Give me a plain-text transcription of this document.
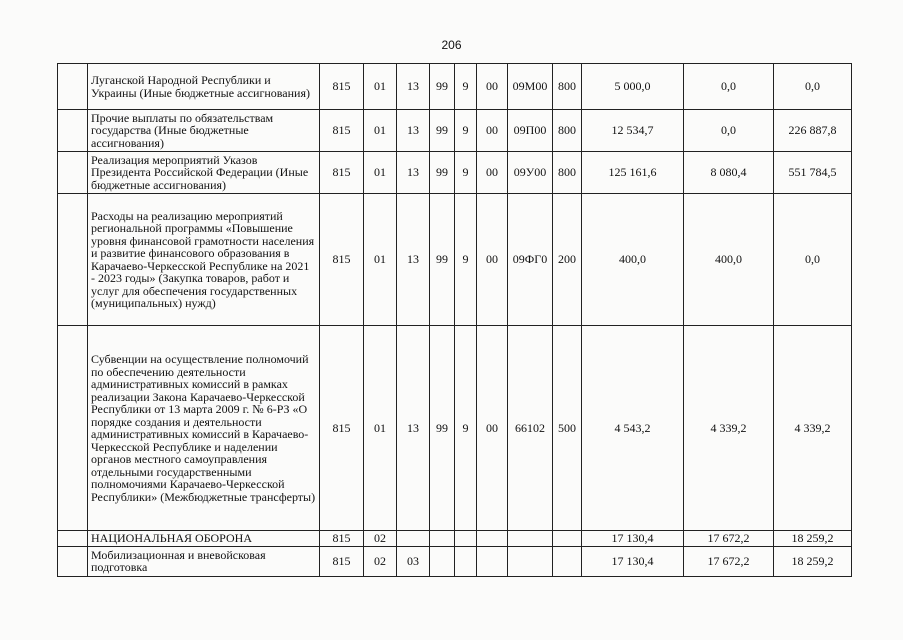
206
	Луганской Народной Республики и Украины (Иные бюджетные ассигнования)	815	01	13	99	9	00	09М00	800	5 000,0	0,0	0,0
	Прочие выплаты по обязательствам государства (Иные бюджетные ассигнования)	815	01	13	99	9	00	09П00	800	12 534,7	0,0	226 887,8
	Реализация мероприятий Указов Президента Российской Федерации (Иные бюджетные ассигнования)	815	01	13	99	9	00	09У00	800	125 161,6	8 080,4	551 784,5
	Расходы на реализацию мероприятий региональной программы «Повышение уровня финансовой грамотности населения и развитие финансового образования в Карачаево-Черкесской Республике на 2021 - 2023 годы» (Закупка товаров, работ и услуг для обеспечения государственных (муниципальных) нужд)	815	01	13	99	9	00	09ФГ0	200	400,0	400,0	0,0
	Субвенции на осуществление полномочий по обеспечению деятельности административных комиссий в рамках реализации Закона Карачаево-Черкесской Республики от 13 марта 2009 г. № 6-РЗ «О порядке создания и деятельности административных комиссий в Карачаево-Черкесской Республике и наделении органов местного самоуправления отдельными государственными полномочиями Карачаево-Черкесской Республики» (Межбюджетные трансферты)	815	01	13	99	9	00	66102	500	4 543,2	4 339,2	4 339,2
	НАЦИОНАЛЬНАЯ ОБОРОНА	815	02							17 130,4	17 672,2	18 259,2
	Мобилизационная и вневойсковая подготовка	815	02	03						17 130,4	17 672,2	18 259,2
